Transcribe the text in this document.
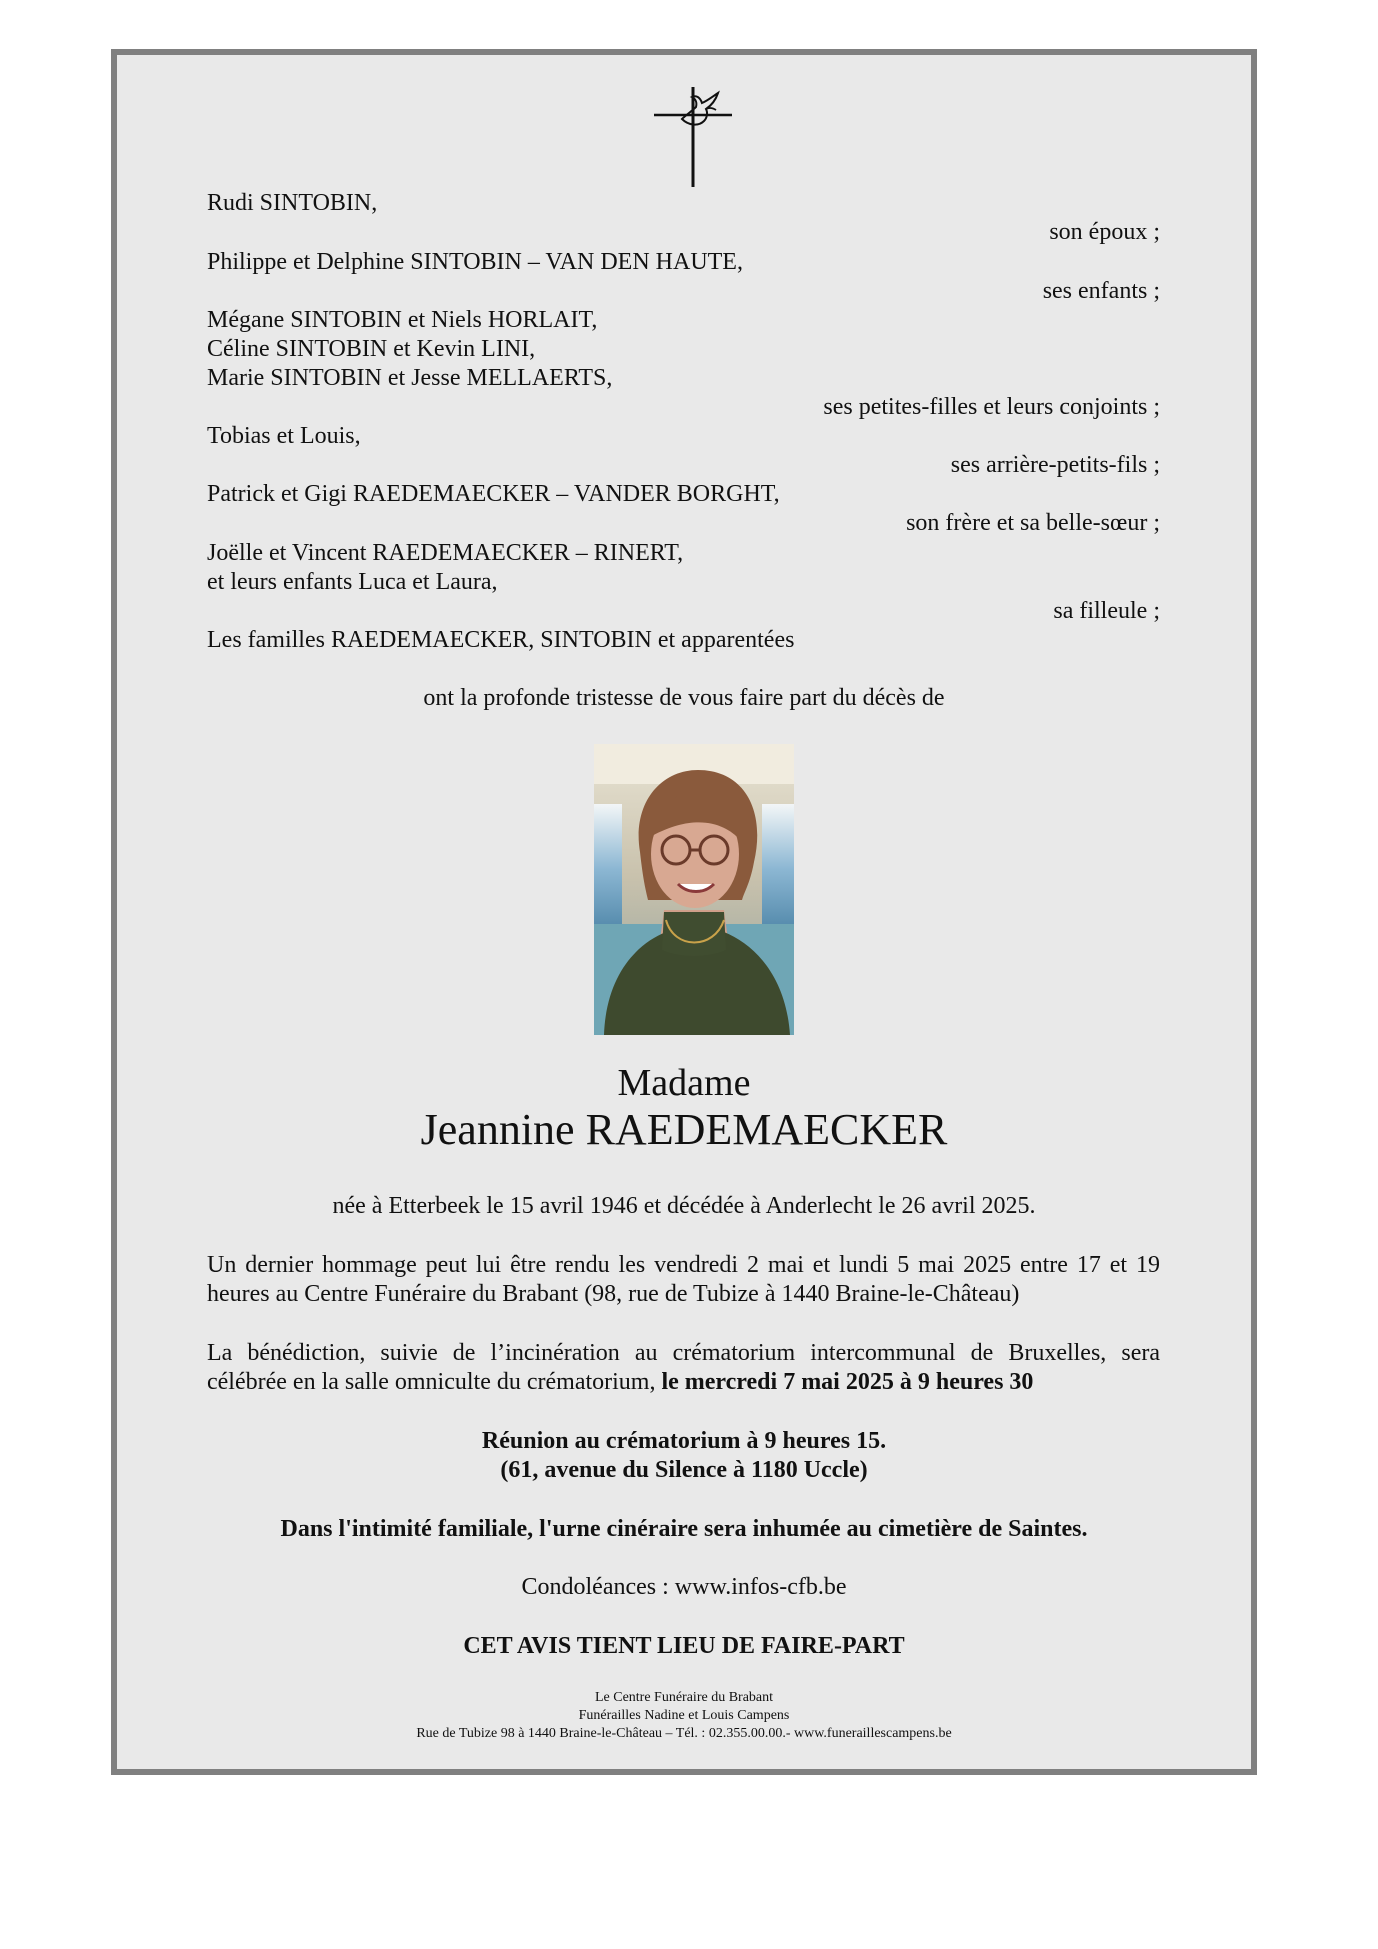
Rudi SINTOBIN,
son époux ;
Philippe et Delphine SINTOBIN – VAN DEN HAUTE,
ses enfants ;
Mégane SINTOBIN et Niels HORLAIT,
Céline SINTOBIN et Kevin LINI,
Marie SINTOBIN et Jesse MELLAERTS,
ses petites-filles et leurs conjoints ;
Tobias et Louis,
ses arrière-petits-fils ;
Patrick et Gigi RAEDEMAECKER – VANDER BORGHT,
son frère et sa belle-sœur ;
Joëlle et Vincent RAEDEMAECKER – RINERT,
et leurs enfants Luca et Laura,
sa filleule ;
Les familles RAEDEMAECKER, SINTOBIN et apparentées
ont la profonde tristesse de vous faire part du décès de
Madame
Jeannine RAEDEMAECKER
née à Etterbeek le 15 avril 1946 et décédée à Anderlecht le 26 avril 2025.
Un dernier hommage peut lui être rendu les vendredi 2 mai et lundi 5 mai 2025 entre 17 et 19
heures au Centre Funéraire du Brabant (98, rue de Tubize à 1440 Braine-le-Château)
La bénédiction, suivie de l’incinération au crématorium intercommunal de Bruxelles, sera
célébrée en la salle omniculte du crématorium, le mercredi 7 mai 2025 à 9 heures 30
Réunion au crématorium à 9 heures 15.
(61, avenue du Silence à 1180 Uccle)
Dans l'intimité familiale, l'urne cinéraire sera inhumée au cimetière de Saintes.
Condoléances : www.infos-cfb.be
CET AVIS TIENT LIEU DE FAIRE-PART
Le Centre Funéraire du Brabant
Funérailles Nadine et Louis Campens
Rue de Tubize 98 à 1440 Braine-le-Château – Tél. : 02.355.00.00.- www.funeraillescampens.be
